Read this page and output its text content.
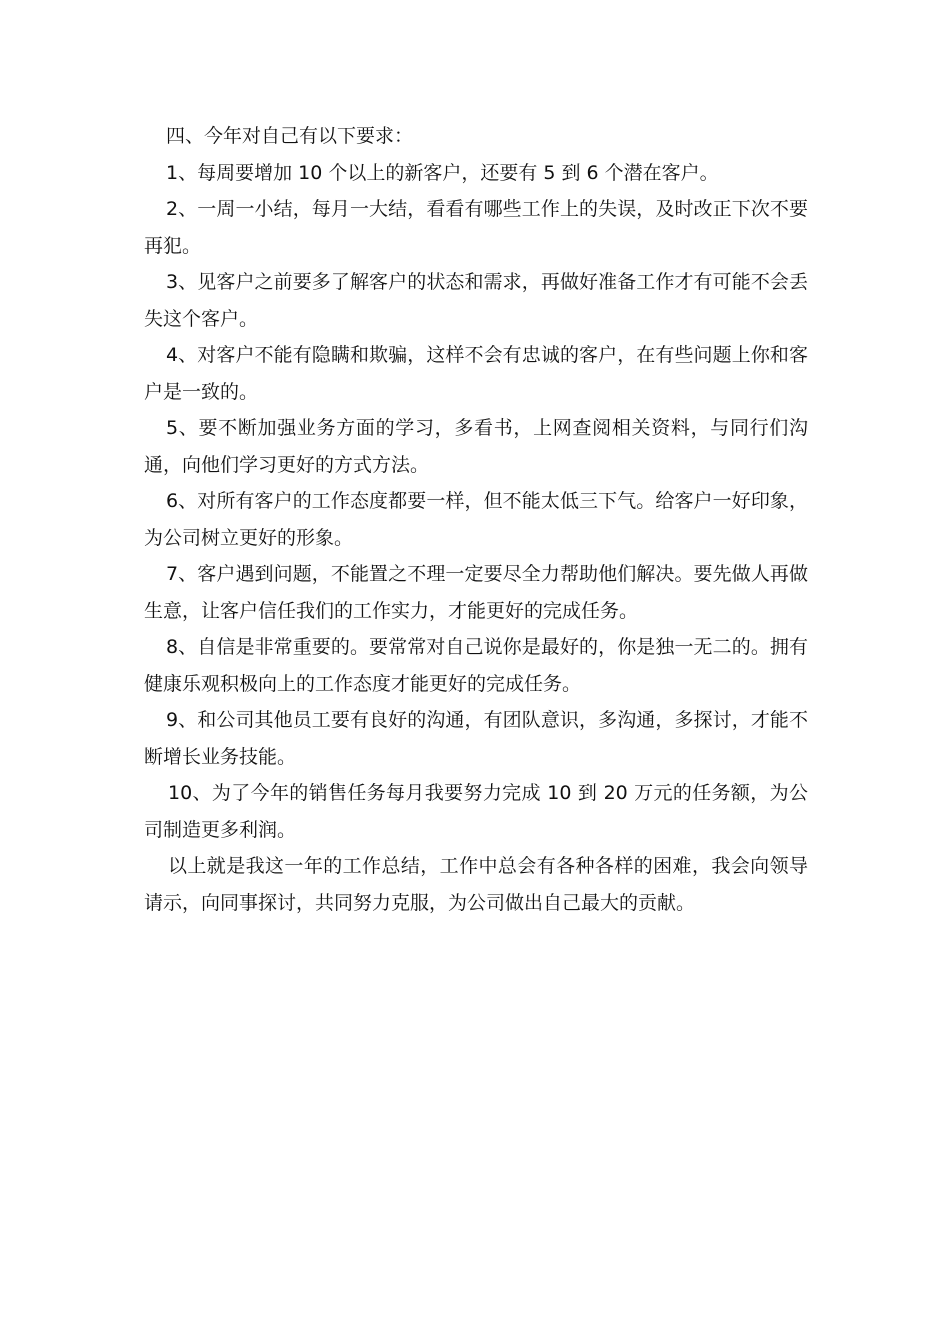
四、今年对自己有以下要求：

1、每周要增加 10 个以上的新客户，还要有 5 到 6 个潜在客户。

2、一周一小结，每月一大结，看看有哪些工作上的失误，及时改正下次不要再犯。

3、见客户之前要多了解客户的状态和需求，再做好准备工作才有可能不会丢失这个客户。

4、对客户不能有隐瞒和欺骗，这样不会有忠诚的客户，在有些问题上你和客户是一致的。

5、要不断加强业务方面的学习，多看书，上网查阅相关资料，与同行们沟通，向他们学习更好的方式方法。

6、对所有客户的工作态度都要一样，但不能太低三下气。给客户一好印象，为公司树立更好的形象。

7、客户遇到问题，不能置之不理一定要尽全力帮助他们解决。要先做人再做生意，让客户信任我们的工作实力，才能更好的完成任务。

8、自信是非常重要的。要常常对自己说你是最好的，你是独一无二的。拥有健康乐观积极向上的工作态度才能更好的完成任务。

9、和公司其他员工要有良好的沟通，有团队意识，多沟通，多探讨，才能不断增长业务技能。

10、为了今年的销售任务每月我要努力完成 10 到 20 万元的任务额，为公司制造更多利润。

以上就是我这一年的工作总结，工作中总会有各种各样的困难，我会向领导请示，向同事探讨，共同努力克服，为公司做出自己最大的贡献。
